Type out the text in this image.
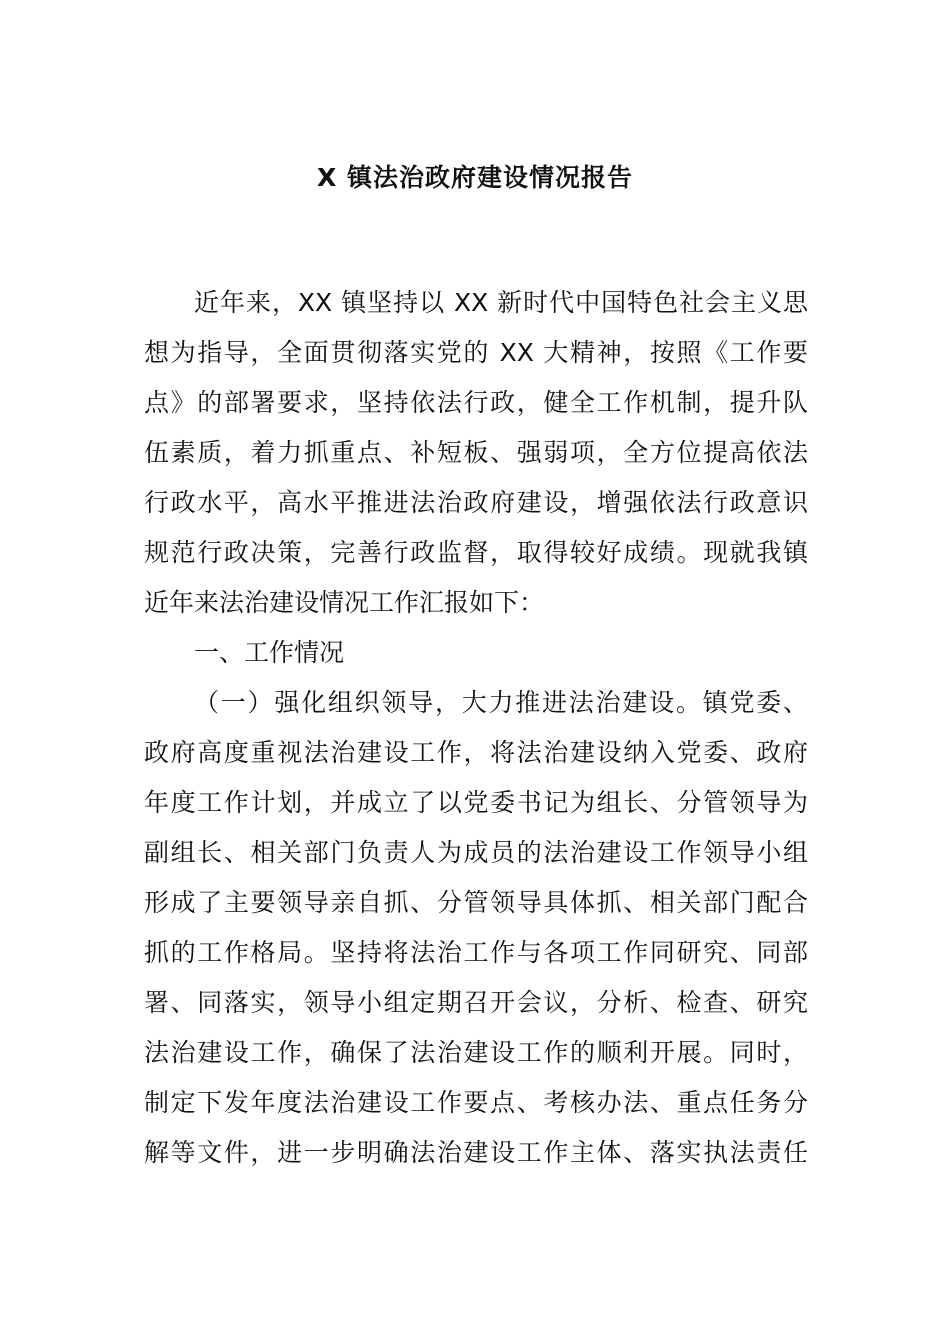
X 镇法治政府建设情况报告
近年来，XX 镇坚持以 XX 新时代中国特色社会主义思
想为指导，全面贯彻落实党的 XX 大精神，按照《工作要
点》的部署要求，坚持依法行政，健全工作机制，提升队
伍素质，着力抓重点、补短板、强弱项，全方位提高依法
行政水平，高水平推进法治政府建设，增强依法行政意识
规范行政决策，完善行政监督，取得较好成绩。现就我镇
近年来法治建设情况工作汇报如下：
一、工作情况
（一）强化组织领导，大力推进法治建设。镇党委、
政府高度重视法治建设工作，将法治建设纳入党委、政府
年度工作计划，并成立了以党委书记为组长、分管领导为
副组长、相关部门负责人为成员的法治建设工作领导小组
形成了主要领导亲自抓、分管领导具体抓、相关部门配合
抓的工作格局。坚持将法治工作与各项工作同研究、同部
署、同落实，领导小组定期召开会议，分析、检查、研究
法治建设工作，确保了法治建设工作的顺利开展。同时，
制定下发年度法治建设工作要点、考核办法、重点任务分
解等文件，进一步明确法治建设工作主体、落实执法责任
